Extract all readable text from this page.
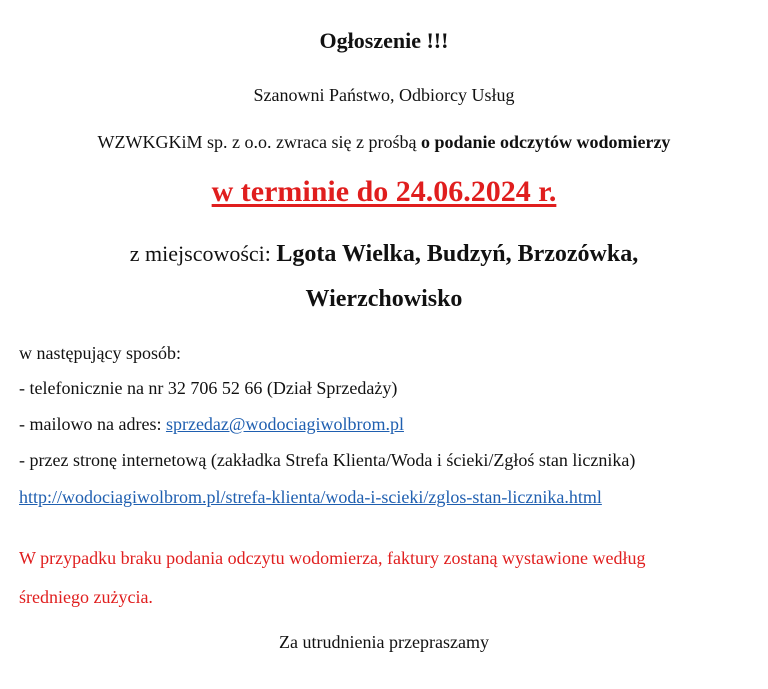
Ogłoszenie !!!

Szanowni Państwo, Odbiorcy Usług

WZWKGKiM sp. z o.o. zwraca się z prośbą o podanie odczytów wodomierzy

w terminie do 24.06.2024 r.

z miejscowości: Lgota Wielka, Budzyń, Brzozówka,

Wierzchowisko

w następujący sposób:

- telefonicznie na nr 32 706 52 66 (Dział Sprzedaży)

- mailowo na adres: sprzedaz@wodociagiwolbrom.pl

- przez stronę internetową (zakładka Strefa Klienta/Woda i ścieki/Zgłoś stan licznika)

http://wodociagiwolbrom.pl/strefa-klienta/woda-i-scieki/zglos-stan-licznika.html

W przypadku braku podania odczytu wodomierza, faktury zostaną wystawione według

średniego zużycia.

Za utrudnienia przepraszamy
